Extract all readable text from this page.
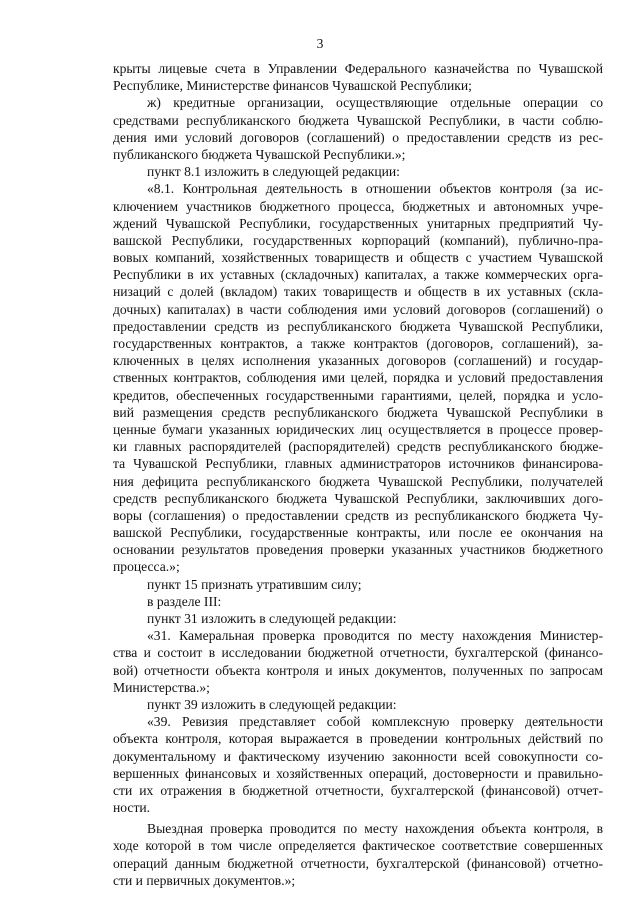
3
крыты лицевые счета в Управлении Федерального казначейства по Чувашской
Республике, Министерстве финансов Чувашской Республики;
ж) кредитные организации, осуществляющие отдельные операции со
средствами республиканского бюджета Чувашской Республики, в части соблю-
дения ими условий договоров (соглашений) о предоставлении средств из рес-
публиканского бюджета Чувашской Республики.»;
пункт 8.1 изложить в следующей редакции:
«8.1. Контрольная деятельность в отношении объектов контроля (за ис-
ключением участников бюджетного процесса, бюджетных и автономных учре-
ждений Чувашской Республики, государственных унитарных предприятий Чу-
вашской Республики, государственных корпораций (компаний), публично-пра-
вовых компаний, хозяйственных товариществ и обществ с участием Чувашской
Республики в их уставных (складочных) капиталах, а также коммерческих орга-
низаций с долей (вкладом) таких товариществ и обществ в их уставных (скла-
дочных) капиталах) в части соблюдения ими условий договоров (соглашений) о
предоставлении средств из республиканского бюджета Чувашской Республики,
государственных контрактов, а также контрактов (договоров, соглашений), за-
ключенных в целях исполнения указанных договоров (соглашений) и государ-
ственных контрактов, соблюдения ими целей, порядка и условий предоставления
кредитов, обеспеченных государственными гарантиями, целей, порядка и усло-
вий размещения средств республиканского бюджета Чувашской Республики в
ценные бумаги указанных юридических лиц осуществляется в процессе провер-
ки главных распорядителей (распорядителей) средств республиканского бюдже-
та Чувашской Республики, главных администраторов источников финансирова-
ния дефицита республиканского бюджета Чувашской Республики, получателей
средств республиканского бюджета Чувашской Республики, заключивших дого-
воры (соглашения) о предоставлении средств из республиканского бюджета Чу-
вашской Республики, государственные контракты, или после ее окончания на
основании результатов проведения проверки указанных участников бюджетного
процесса.»;
пункт 15 признать утратившим силу;
в разделе III:
пункт 31 изложить в следующей редакции:
«31. Камеральная проверка проводится по месту нахождения Министер-
ства и состоит в исследовании бюджетной отчетности, бухгалтерской (финансо-
вой) отчетности объекта контроля и иных документов, полученных по запросам
Министерства.»;
пункт 39 изложить в следующей редакции:
«39. Ревизия представляет собой комплексную проверку деятельности
объекта контроля, которая выражается в проведении контрольных действий по
документальному и фактическому изучению законности всей совокупности со-
вершенных финансовых и хозяйственных операций, достоверности и правильно-
сти их отражения в бюджетной отчетности, бухгалтерской (финансовой) отчет-
ности.
Выездная проверка проводится по месту нахождения объекта контроля, в
ходе которой в том числе определяется фактическое соответствие совершенных
операций данным бюджетной отчетности, бухгалтерской (финансовой) отчетно-
сти и первичных документов.»;
